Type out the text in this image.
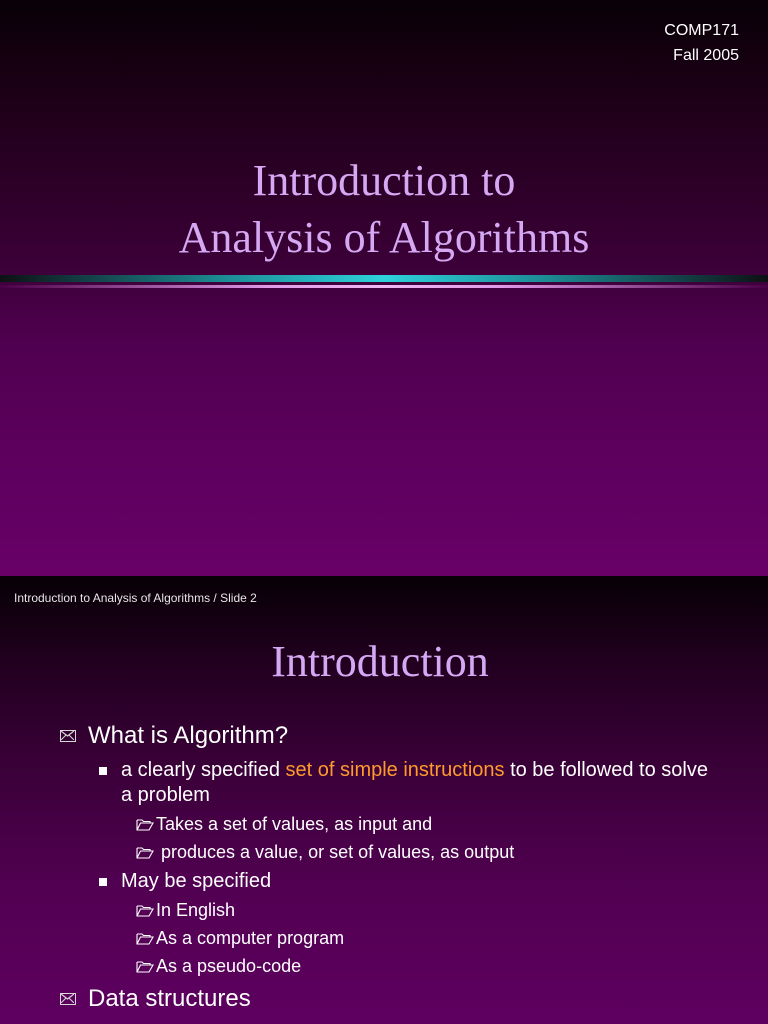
COMP171
Fall 2005
Introduction to
Analysis of Algorithms
Introduction to Analysis of Algorithms / Slide 2
Introduction
What is Algorithm?
a clearly specified set of simple instructions to be followed to solve a problem
Takes a set of values, as input and
produces a value, or set of values, as output
May be specified
In English
As a computer program
As a pseudo-code
Data structures
